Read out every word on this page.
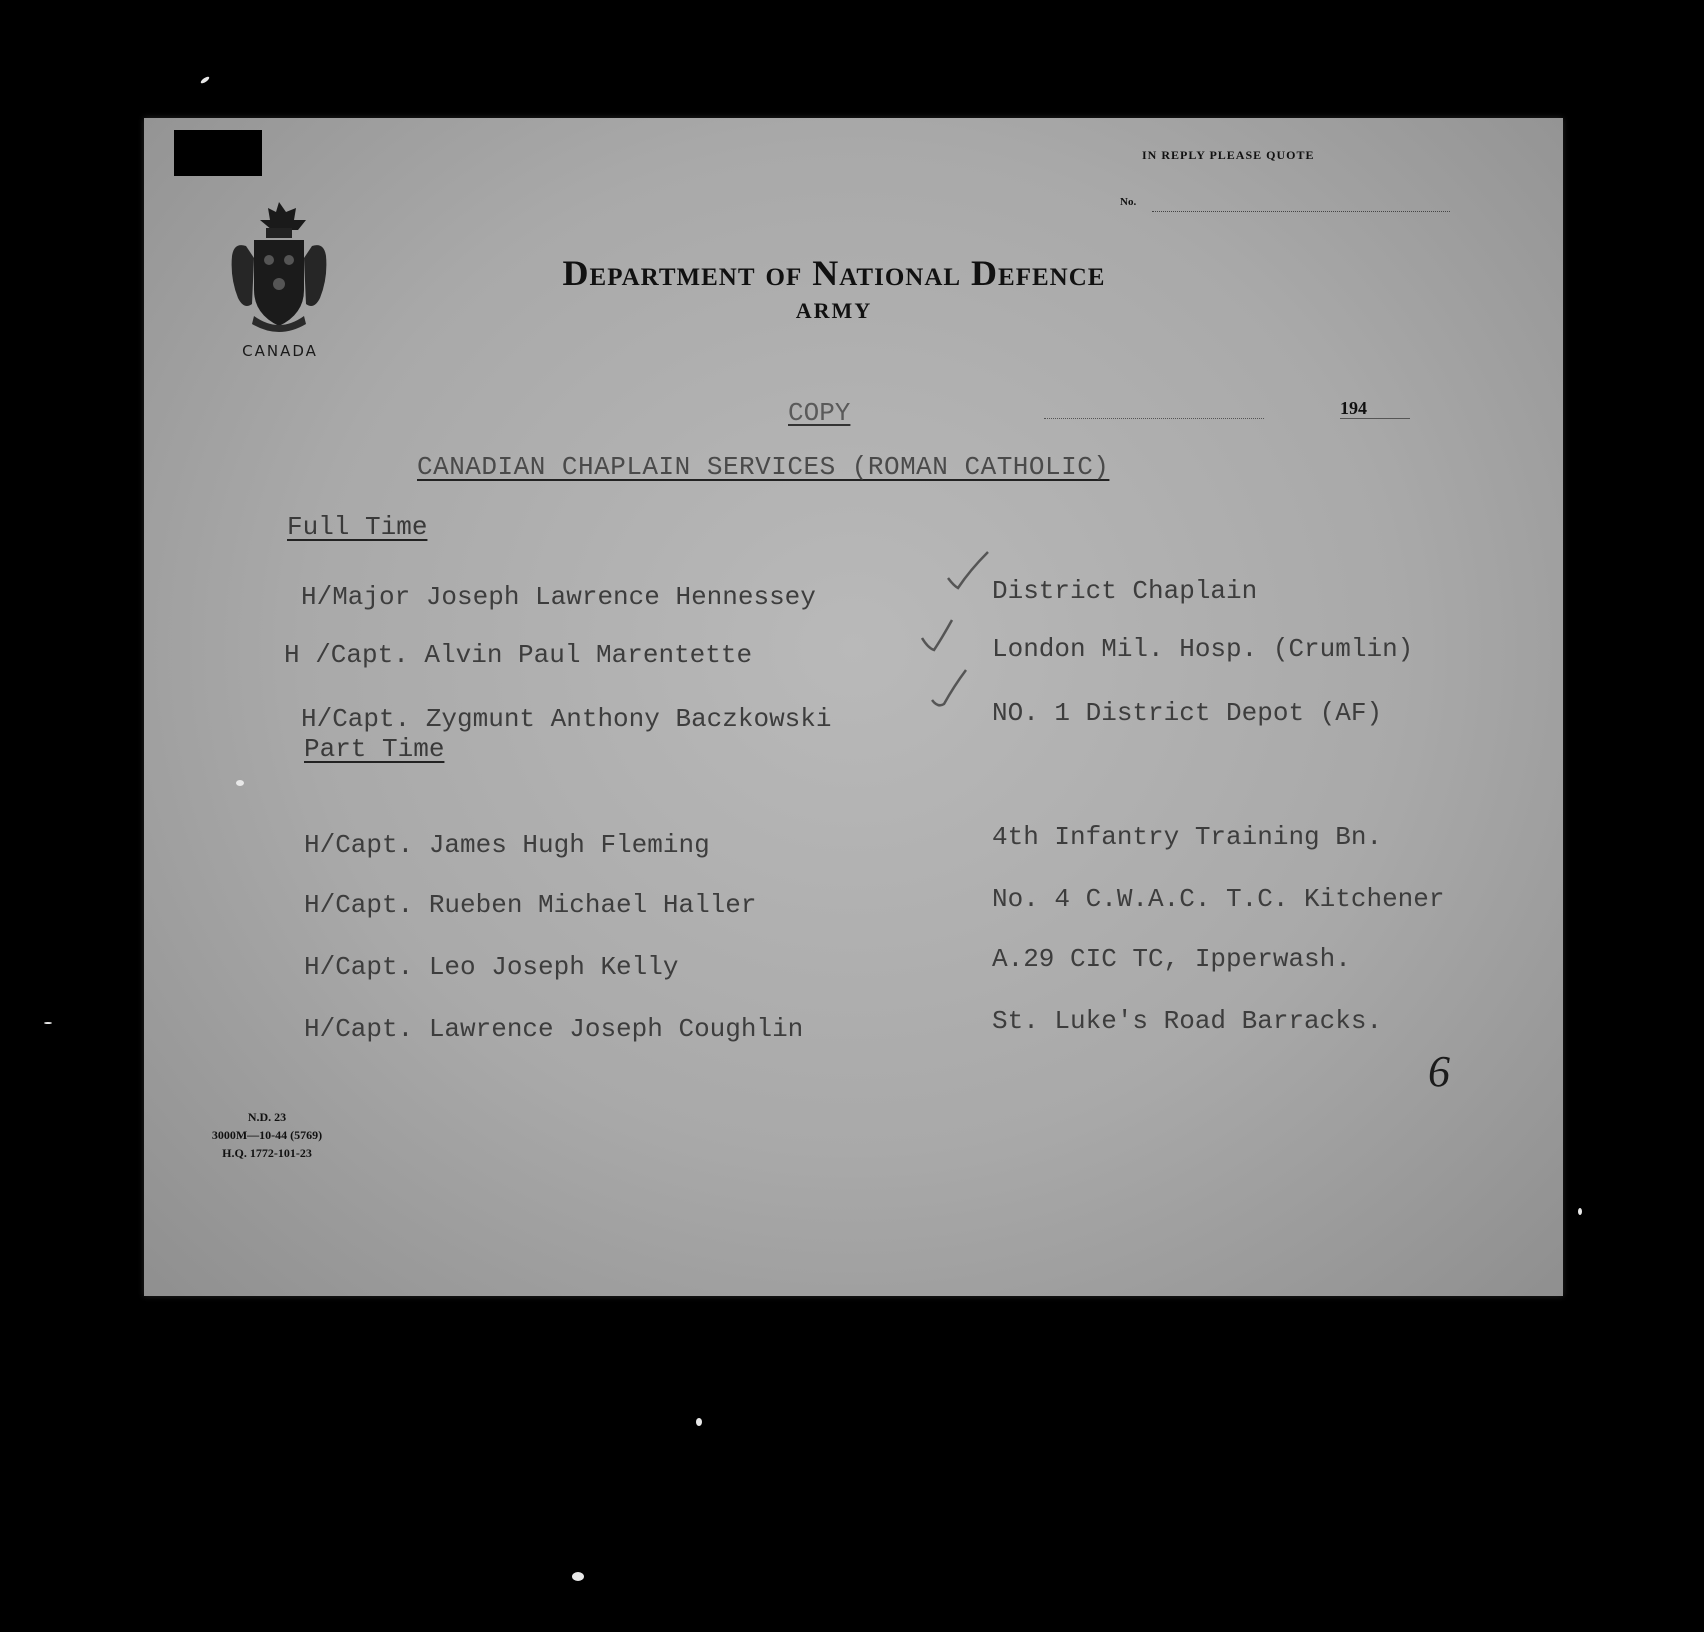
CANADA
IN REPLY PLEASE QUOTE
No.
Department of National Defence
ARMY
COPY	194
CANADIAN CHAPLAIN SERVICES (ROMAN CATHOLIC)
Full Time
H/Major Joseph Lawrence Hennessey	District Chaplain
H /Capt. Alvin Paul Marentette	London Mil. Hosp. (Crumlin)
H/Capt. Zygmunt Anthony Baczkowski	NO. 1 District Depot (AF)
Part Time
H/Capt. James Hugh Fleming	4th Infantry Training Bn.
H/Capt. Rueben Michael Haller	No. 4 C.W.A.C. T.C. Kitchener
H/Capt. Leo Joseph Kelly	A.29 CIC TC, Ipperwash.
H/Capt. Lawrence Joseph Coughlin	St. Luke's Road Barracks.
6
N.D. 23
3000M—10-44 (5769)
H.Q. 1772-101-23
